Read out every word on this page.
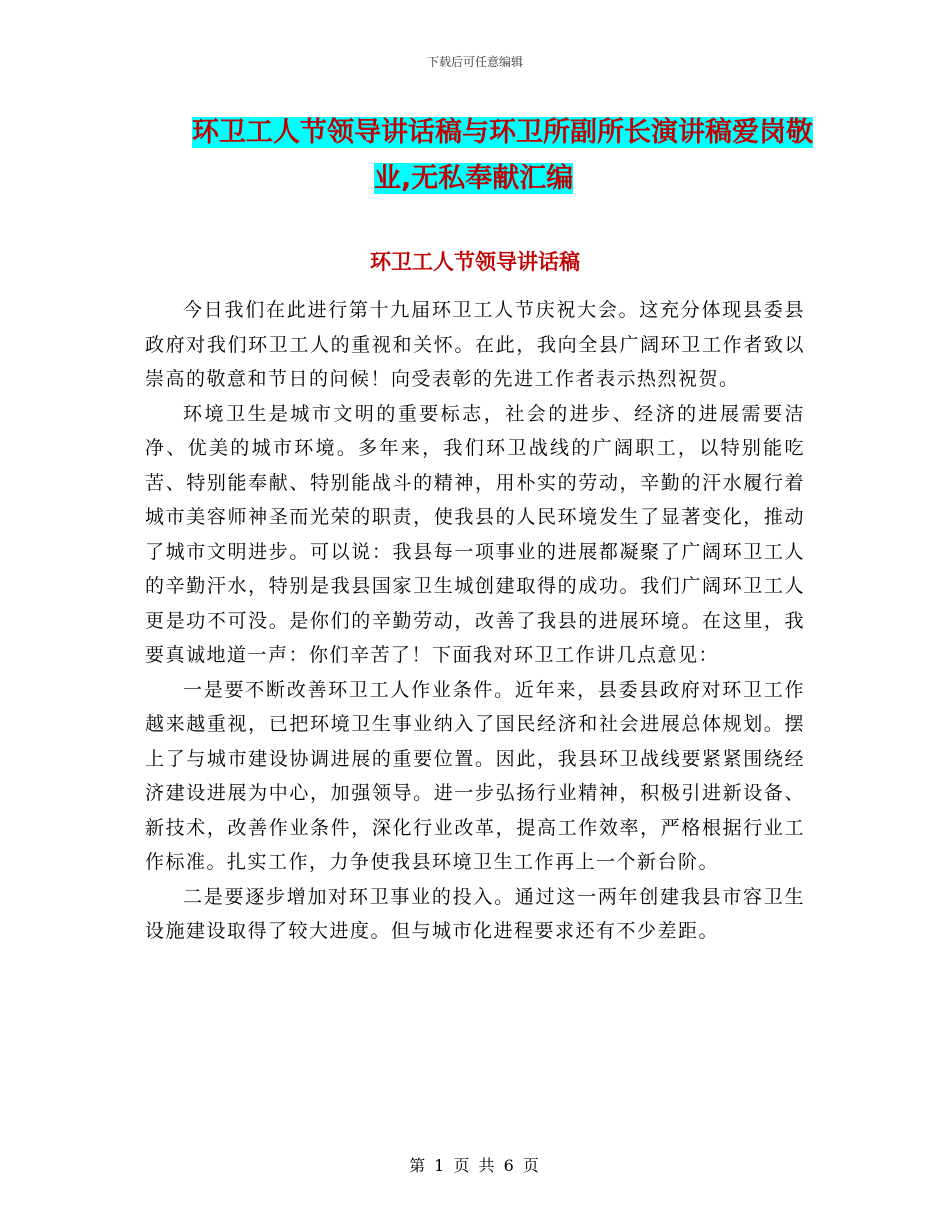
下载后可任意编辑
环卫工人节领导讲话稿与环卫所副所长演讲稿爱岗敬
业,无私奉献汇编
环卫工人节领导讲话稿

今日我们在此进行第十九届环卫工人节庆祝大会。这充分体现县委县政府对我们环卫工人的重视和关怀。在此，我向全县广阔环卫工作者致以崇高的敬意和节日的问候！向受表彰的先进工作者表示热烈祝贺。

环境卫生是城市文明的重要标志，社会的进步、经济的进展需要洁净、优美的城市环境。多年来，我们环卫战线的广阔职工，以特别能吃苦、特别能奉献、特别能战斗的精神，用朴实的劳动，辛勤的汗水履行着城市美容师神圣而光荣的职责，使我县的人民环境发生了显著变化，推动了城市文明进步。可以说：我县每一项事业的进展都凝聚了广阔环卫工人的辛勤汗水，特别是我县国家卫生城创建取得的成功。我们广阔环卫工人更是功不可没。是你们的辛勤劳动，改善了我县的进展环境。在这里，我要真诚地道一声：你们辛苦了！下面我对环卫工作讲几点意见：

一是要不断改善环卫工人作业条件。近年来，县委县政府对环卫工作越来越重视，已把环境卫生事业纳入了国民经济和社会进展总体规划。摆上了与城市建设协调进展的重要位置。因此，我县环卫战线要紧紧围绕经济建设进展为中心，加强领导。进一步弘扬行业精神，积极引进新设备、新技术，改善作业条件，深化行业改革，提高工作效率，严格根据行业工作标准。扎实工作，力争使我县环境卫生工作再上一个新台阶。

二是要逐步增加对环卫事业的投入。通过这一两年创建我县市容卫生设施建设取得了较大进度。但与城市化进程要求还有不少差距。

第 1 页 共 6 页
